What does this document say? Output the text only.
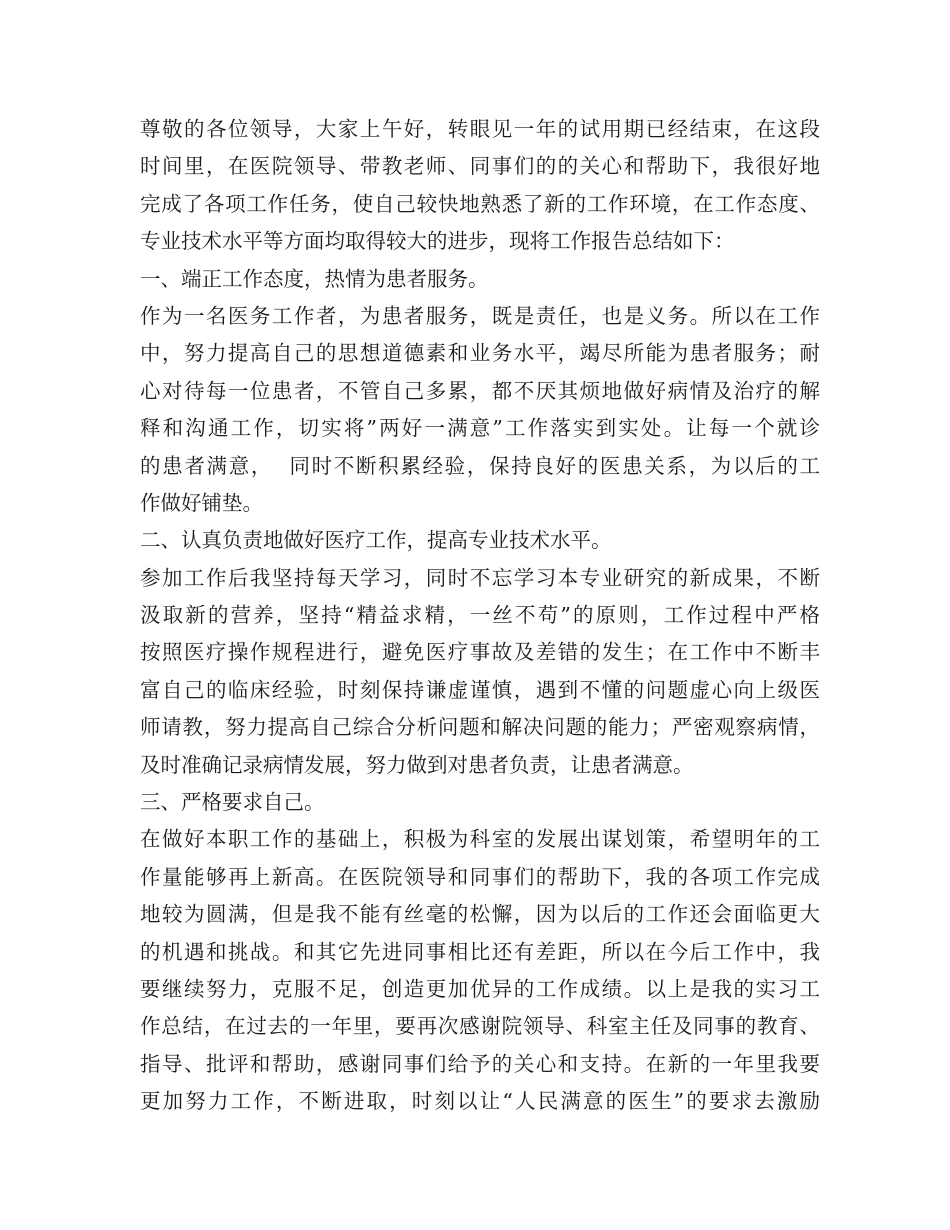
尊敬的各位领导，大家上午好，转眼见一年的试用期已经结束，在这段
时间里，在医院领导、带教老师、同事们的的关心和帮助下，我很好地
完成了各项工作任务，使自己较快地熟悉了新的工作环境，在工作态度、
专业技术水平等方面均取得较大的进步，现将工作报告总结如下：
一、端正工作态度，热情为患者服务。
作为一名医务工作者，为患者服务，既是责任，也是义务。所以在工作
中，努力提高自己的思想道德素和业务水平，竭尽所能为患者服务；耐
心对待每一位患者，不管自己多累，都不厌其烦地做好病情及治疗的解
释和沟通工作，切实将”两好一满意”工作落实到实处。让每一个就诊
的患者满意，  同时不断积累经验，保持良好的医患关系，为以后的工
作做好铺垫。
二、认真负责地做好医疗工作，提高专业技术水平。
参加工作后我坚持每天学习，同时不忘学习本专业研究的新成果，不断
汲取新的营养，坚持“精益求精，一丝不苟”的原则，工作过程中严格
按照医疗操作规程进行，避免医疗事故及差错的发生；在工作中不断丰
富自己的临床经验，时刻保持谦虚谨慎，遇到不懂的问题虚心向上级医
师请教，努力提高自己综合分析问题和解决问题的能力；严密观察病情，
及时准确记录病情发展，努力做到对患者负责，让患者满意。
三、严格要求自己。
在做好本职工作的基础上，积极为科室的发展出谋划策，希望明年的工
作量能够再上新高。在医院领导和同事们的帮助下，我的各项工作完成
地较为圆满，但是我不能有丝毫的松懈，因为以后的工作还会面临更大
的机遇和挑战。和其它先进同事相比还有差距，所以在今后工作中，我
要继续努力，克服不足，创造更加优异的工作成绩。以上是我的实习工
作总结，在过去的一年里，要再次感谢院领导、科室主任及同事的教育、
指导、批评和帮助，感谢同事们给予的关心和支持。在新的一年里我要
更加努力工作，不断进取，时刻以让“人民满意的医生”的要求去激励
